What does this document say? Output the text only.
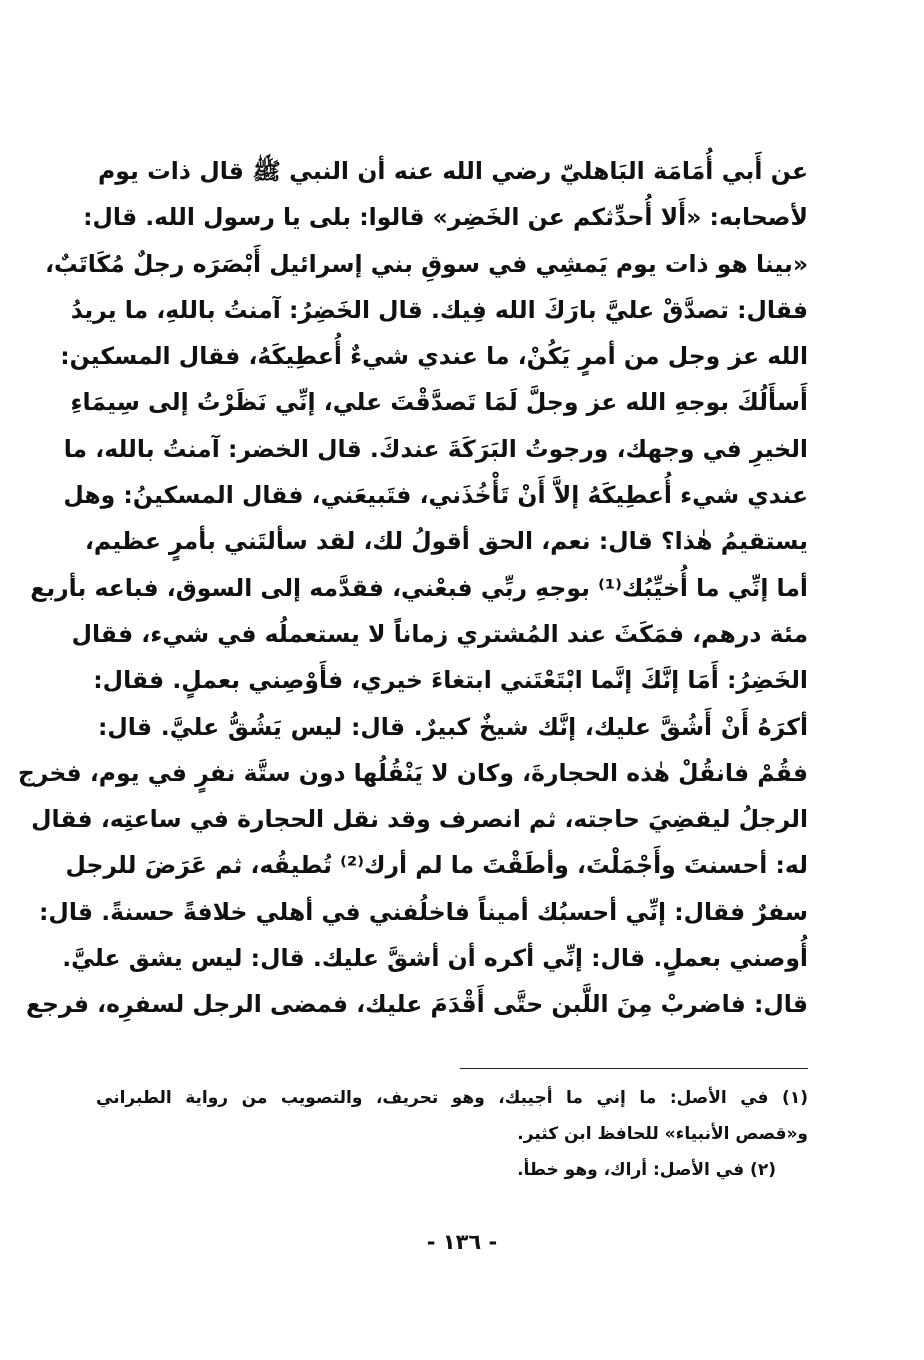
عن أَبي أُمَامَة البَاهليّ رضي الله عنه أن النبي ﷺ قال ذات يوم
لأصحابه: «أَلا أُحدِّثكم عن الخَضِر» قالوا: بلى يا رسول الله. قال:
«بينا هو ذات يوم يَمشِي في سوقِ بني إسرائيل أَبْصَرَه رجلٌ مُكَاتَبٌ،
فقال: تصدَّقْ عليَّ بارَكَ الله فِيك. قال الخَضِرُ: آمنتُ باللهِ، ما يريدُ
الله عز وجل من أمرٍ يَكُنْ، ما عندي شيءٌ أُعطِيكَهُ، فقال المسكين:
أَسأَلُكَ بوجهِ الله عز وجلَّ لَمَا تَصدَّقْتَ علي، إنِّي نَظَرْتُ إلى سِيمَاءِ
الخيرِ في وجهك، ورجوتُ البَرَكَةَ عندكَ. قال الخضر: آمنتُ بالله، ما
عندي شيء أُعطِيكَهُ إلاَّ أَنْ تَأْخُذَني، فتَبيعَني، فقال المسكينُ: وهل
يستقيمُ هٰذا؟ قال: نعم، الحق أقولُ لك، لقد سألتَني بأمرٍ عظيم،
أما إنِّي ما أُخيِّبُك⁽¹⁾ بوجهِ ربِّي فبعْني، فقدَّمه إلى السوق، فباعه بأربع
مئة درهم، فمَكَثَ عند المُشتري زماناً لا يستعملُه في شيء، فقال
الخَضِرُ: أَمَا إنَّكَ إنَّما ابْتَعْتَني ابتغاءَ خيري، فأَوْصِني بعملٍ. فقال:
أكرَهُ أَنْ أَشُقَّ عليك، إنَّك شيخٌ كبيرٌ. قال: ليس يَشُقُّ عليَّ. قال:
فقُمْ فانقُلْ هٰذه الحجارةَ، وكان لا يَنْقُلُها دون ستَّة نفرٍ في يوم، فخرج
الرجلُ ليقضِيَ حاجته، ثم انصرف وقد نقل الحجارة في ساعتِه، فقال
له: أحسنتَ وأَجْمَلْتَ، وأطَقْتَ ما لم أرك⁽²⁾ تُطيقُه، ثم عَرَضَ للرجل
سفرٌ فقال: إنِّي أحسبُك أميناً فاخلُفني في أهلي خلافةً حسنةً. قال:
أُوصني بعملٍ. قال: إنِّي أكره أن أشقَّ عليك. قال: ليس يشق عليَّ.
قال: فاضربْ مِنَ اللَّبن حتَّى أَقْدَمَ عليك، فمضى الرجل لسفرِه، فرجع
(١) في الأصل: ما إني ما أجيبك، وهو تحريف، والتصويب من رواية الطبراني
و«قصص الأنبياء» للحافظ ابن كثير.
(٢) في الأصل: أراك، وهو خطأ.
- ١٣٦ -
